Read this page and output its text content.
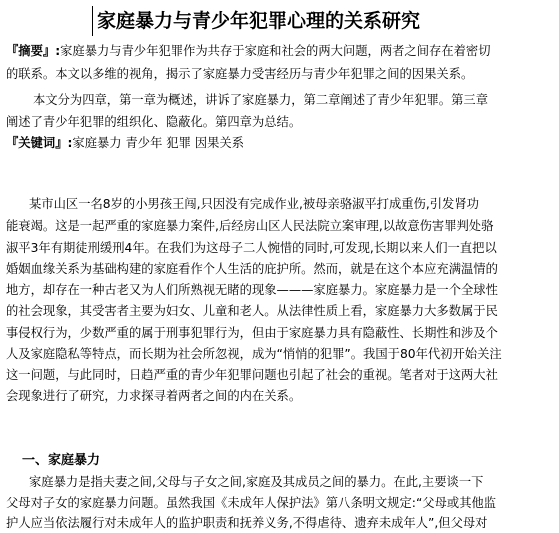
家庭暴力与青少年犯罪心理的关系研究
『摘要』:家庭暴力与青少年犯罪作为共存于家庭和社会的两大问题，两者之间存在着密切
的联系。本文以多维的视角，揭示了家庭暴力受害经历与青少年犯罪之间的因果关系。
本文分为四章，第一章为概述，讲诉了家庭暴力，第二章阐述了青少年犯罪。第三章
阐述了青少年犯罪的组织化、隐蔽化。第四章为总结。
『关键词』:家庭暴力 青少年 犯罪 因果关系
某市山区一名8岁的小男孩王闯,只因没有完成作业,被母亲骆淑平打成重伤,引发肾功
能衰竭。这是一起严重的家庭暴力案件,后经房山区人民法院立案审理,以故意伤害罪判处骆
淑平3年有期徒刑缓刑4年。在我们为这母子二人惋惜的同时,可发现,长期以来人们一直把以
婚姻血缘关系为基础构建的家庭看作个人生活的庇护所。然而，就是在这个本应充满温情的
地方，却存在一种古老又为人们所熟视无睹的现象———家庭暴力。家庭暴力是一个全球性
的社会现象，其受害者主要为妇女、儿童和老人。从法律性质上看，家庭暴力大多数属于民
事侵权行为，少数严重的属于刑事犯罪行为，但由于家庭暴力具有隐蔽性、长期性和涉及个
人及家庭隐私等特点，而长期为社会所忽视，成为“悄悄的犯罪”。我国于80年代初开始关注
这一问题，与此同时，日趋严重的青少年犯罪问题也引起了社会的重视。笔者对于这两大社
会现象进行了研究，力求探寻着两者之间的内在关系。
一、家庭暴力
家庭暴力是指夫妻之间,父母与子女之间,家庭及其成员之间的暴力。在此,主要谈一下
父母对子女的家庭暴力问题。虽然我国《未成年人保护法》第八条明文规定:“父母或其他监
护人应当依法履行对未成年人的监护职责和抚养义务,不得虐待、遗弃未成年人”,但父母对
